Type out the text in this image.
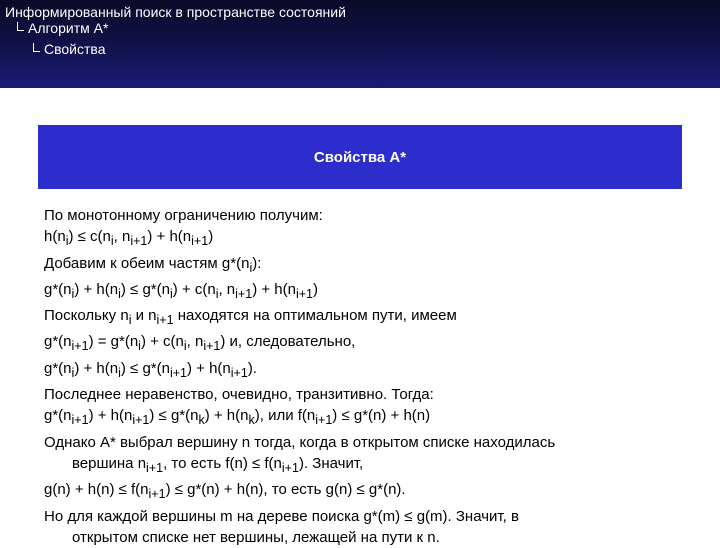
Информированный поиск в пространстве состояний
Алгоритм A*
Свойства
Свойства A*
По монотонному ограничению получим:
$h(n_i) \le c(n_i$, $n_{i+1}) + h(n_{i+1})$
Добавим к обеим частям $g*(n_i)$:
$g*(n_i) + h(n_i) \le g*(n_i) + c(n_i$, $n_{i+1}) + h(n_{i+1})$
Поскольку $n_i$ и $n_{i+1}$ находятся на оптимальном пути, имеем
$g*(n_{i+1}) = g*(n_i) + c(n_i$, $n_{i+1}$) и, следовательно,
$g*(n_i) + h(n_i) \le g*(n_{i+1}) + h(n_{i+1})$.
Последнее неравенство, очевидно, транзитивно. Тогда:
$g*(n_{i+1}) + h(n_{i+1}) \le g*(n_k) + h(n_k)$, или $f(n_{i+1}) \le g*(n) + h(n)$
Однако A* выбрал вершину n тогда, когда в открытом списке находилась
вершина $n_{i+1}$, то есть $f(n) \le f(n_{i+1})$. Значит,
$g(n) + h(n) \le f(n_{i+1}) \le g*(n) + h(n)$, то есть g(n) ≤ g*(n).
Но для каждой вершины m на дереве поиска g*(m) ≤ g(m). Значит, в
открытом списке нет вершины, лежащей на пути к n.
